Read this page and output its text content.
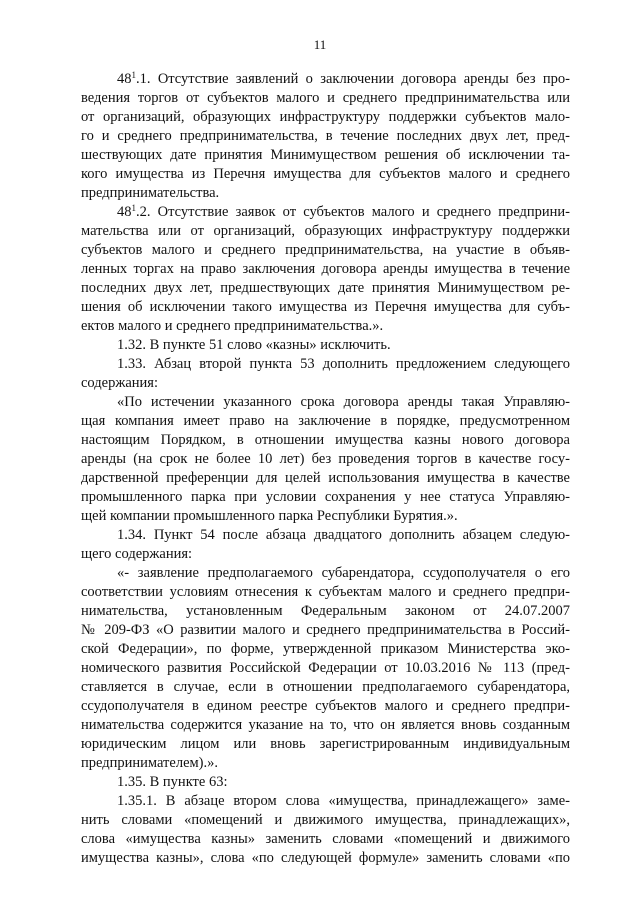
11
$48^1.1$. Отсутствие заявлений о заключении договора аренды без про-
ведения торгов от субъектов малого и среднего предпринимательства или
от организаций, образующих инфраструктуру поддержки субъектов мало-
го и среднего предпринимательства, в течение последних двух лет, пред-
шествующих дате принятия Минимуществом решения об исключении та-
кого имущества из Перечня имущества для субъектов малого и среднего
предпринимательства.
$48^1.2$. Отсутствие заявок от субъектов малого и среднего предприни-
мательства или от организаций, образующих инфраструктуру поддержки
субъектов малого и среднего предпринимательства, на участие в объяв-
ленных торгах на право заключения договора аренды имущества в течение
последних двух лет, предшествующих дате принятия Минимуществом ре-
шения об исключении такого имущества из Перечня имущества для субъ-
ектов малого и среднего предпринимательства.».
1.32. В пункте 51 слово «казны» исключить.
1.33. Абзац второй пункта 53 дополнить предложением следующего
содержания:
«По истечении указанного срока договора аренды такая Управляю-
щая компания имеет право на заключение в порядке, предусмотренном
настоящим Порядком, в отношении имущества казны нового договора
аренды (на срок не более 10 лет) без проведения торгов в качестве госу-
дарственной преференции для целей использования имущества в качестве
промышленного парка при условии сохранения у нее статуса Управляю-
щей компании промышленного парка Республики Бурятия.».
1.34. Пункт 54 после абзаца двадцатого дополнить абзацем следую-
щего содержания:
«- заявление предполагаемого субарендатора, ссудополучателя о его
соответствии условиям отнесения к субъектам малого и среднего предпри-
нимательства, установленным Федеральным законом от 24.07.2007
№ 209-ФЗ «О развитии малого и среднего предпринимательства в Россий-
ской Федерации», по форме, утвержденной приказом Министерства эко-
номического развития Российской Федерации от 10.03.2016 № 113 (пред-
ставляется в случае, если в отношении предполагаемого субарендатора,
ссудополучателя в едином реестре субъектов малого и среднего предпри-
нимательства содержится указание на то, что он является вновь созданным
юридическим лицом или вновь зарегистрированным индивидуальным
предпринимателем).».
1.35. В пункте 63:
1.35.1. В абзаце втором слова «имущества, принадлежащего» заме-
нить словами «помещений и движимого имущества, принадлежащих»,
слова «имущества казны» заменить словами «помещений и движимого
имущества казны», слова «по следующей формуле» заменить словами «по
